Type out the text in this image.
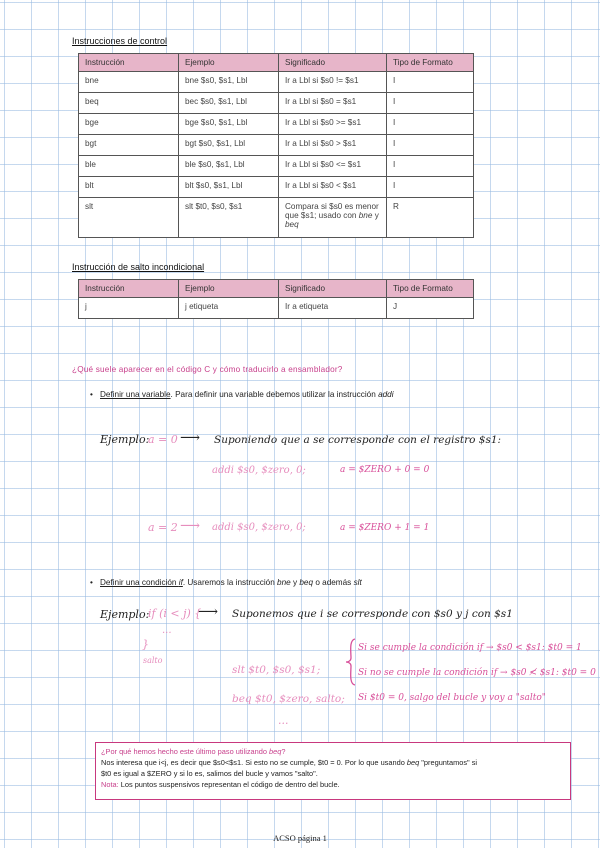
Instrucciones de control
Instrucción	Ejemplo	Significado	Tipo de Formato
bne	bne $s0, $s1, Lbl	Ir a Lbl si $s0 != $s1	I
beq	bec $s0, $s1, Lbl	Ir a Lbl si $s0 = $s1	I
bge	bge $s0, $s1, Lbl	Ir a Lbl si $s0 >= $s1	I
bgt	bgt $s0, $s1, Lbl	Ir a Lbl si $s0 > $s1	I
ble	ble $s0, $s1, Lbl	Ir a Lbl si $s0 <= $s1	I
blt	blt $s0, $s1, Lbl	Ir a Lbl si $s0 < $s1	I
slt	slt $t0, $s0, $s1	Compara si $s0 es menor que $s1; usado con bne y beq	R
Instrucción de salto incondicional
Instrucción	Ejemplo	Significado	Tipo de Formato
j	j etiqueta	Ir a etiqueta	J
¿Qué suele aparecer en el código C y cómo traducirlo a ensamblador?
• Definir una variable. Para definir una variable debemos utilizar la instrucción addi
Ejemplo:
a = 0 ⟶ Suponiendo que a se corresponde con el registro $s1:
addi $s0, $zero, 0;	a = $ZERO + 0 = 0
a = 2 ⟶ addi $s0, $zero, 0;	a = $ZERO + 1 = 1
• Definir una condición if. Usaremos la instrucción bne y beq o además slt
Ejemplo:
if (i < j) {
⟶ Suponemos que i se corresponde con $s0 y j con $s1
...
}
salto
slt $t0, $s0, $s1;
beq $t0, $zero, salto;
...
Si se cumple la condición if → $s0 < $s1: $t0 = 1
Si no se cumple la condición if → $s0 ≮ $s1: $t0 = 0
Si $t0 = 0, salgo del bucle y voy a "salto"
¿Por qué hemos hecho este último paso utilizando beq?
Nos interesa que i<j, es decir que $s0<$s1. Si esto no se cumple, $t0 = 0. Por lo que usando beq "preguntamos" si
$t0 es igual a $ZERO y si lo es, salimos del bucle y vamos "salto".
Nota: Los puntos suspensivos representan el código de dentro del bucle.
ACSO página 1
